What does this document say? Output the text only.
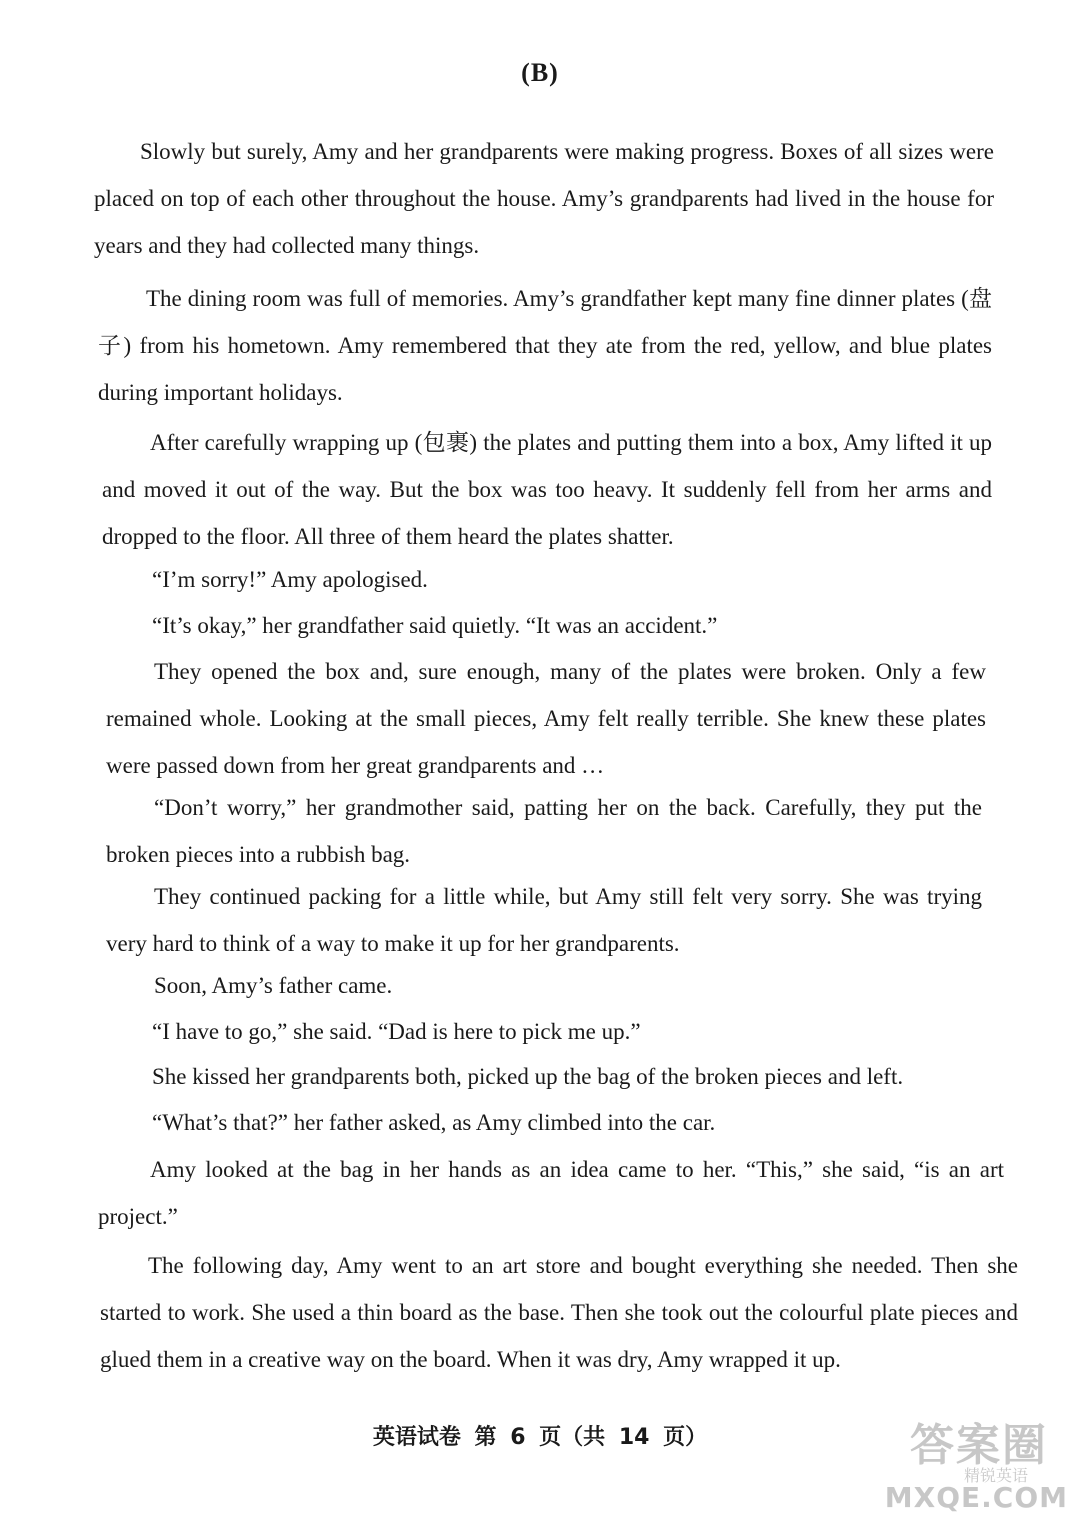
(B)

Slowly but surely, Amy and her grandparents were making progress. Boxes of all sizes were placed on top of each other throughout the house. Amy’s grandparents had lived in the house for years and they had collected many things.

The dining room was full of memories. Amy’s grandfather kept many fine dinner plates (盘子) from his hometown. Amy remembered that they ate from the red, yellow, and blue plates during important holidays.

After carefully wrapping up (包裹) the plates and putting them into a box, Amy lifted it up and moved it out of the way. But the box was too heavy. It suddenly fell from her arms and dropped to the floor. All three of them heard the plates shatter.

“I’m sorry!” Amy apologised.

“It’s okay,” her grandfather said quietly. “It was an accident.”

They opened the box and, sure enough, many of the plates were broken. Only a few remained whole. Looking at the small pieces, Amy felt really terrible. She knew these plates were passed down from her great grandparents and …

“Don’t worry,” her grandmother said, patting her on the back. Carefully, they put the broken pieces into a rubbish bag.

They continued packing for a little while, but Amy still felt very sorry. She was trying very hard to think of a way to make it up for her grandparents.

Soon, Amy’s father came.

“I have to go,” she said. “Dad is here to pick me up.”

She kissed her grandparents both, picked up the bag of the broken pieces and left.

“What’s that?” her father asked, as Amy climbed into the car.

Amy looked at the bag in her hands as an idea came to her. “This,” she said, “is an art project.”

The following day, Amy went to an art store and bought everything she needed. Then she started to work. She used a thin board as the base. Then she took out the colourful plate pieces and glued them in a creative way on the board. When it was dry, Amy wrapped it up.

英语试卷 第 6 页（共 14 页）	答案圈
精锐英语
MXQE.COM
